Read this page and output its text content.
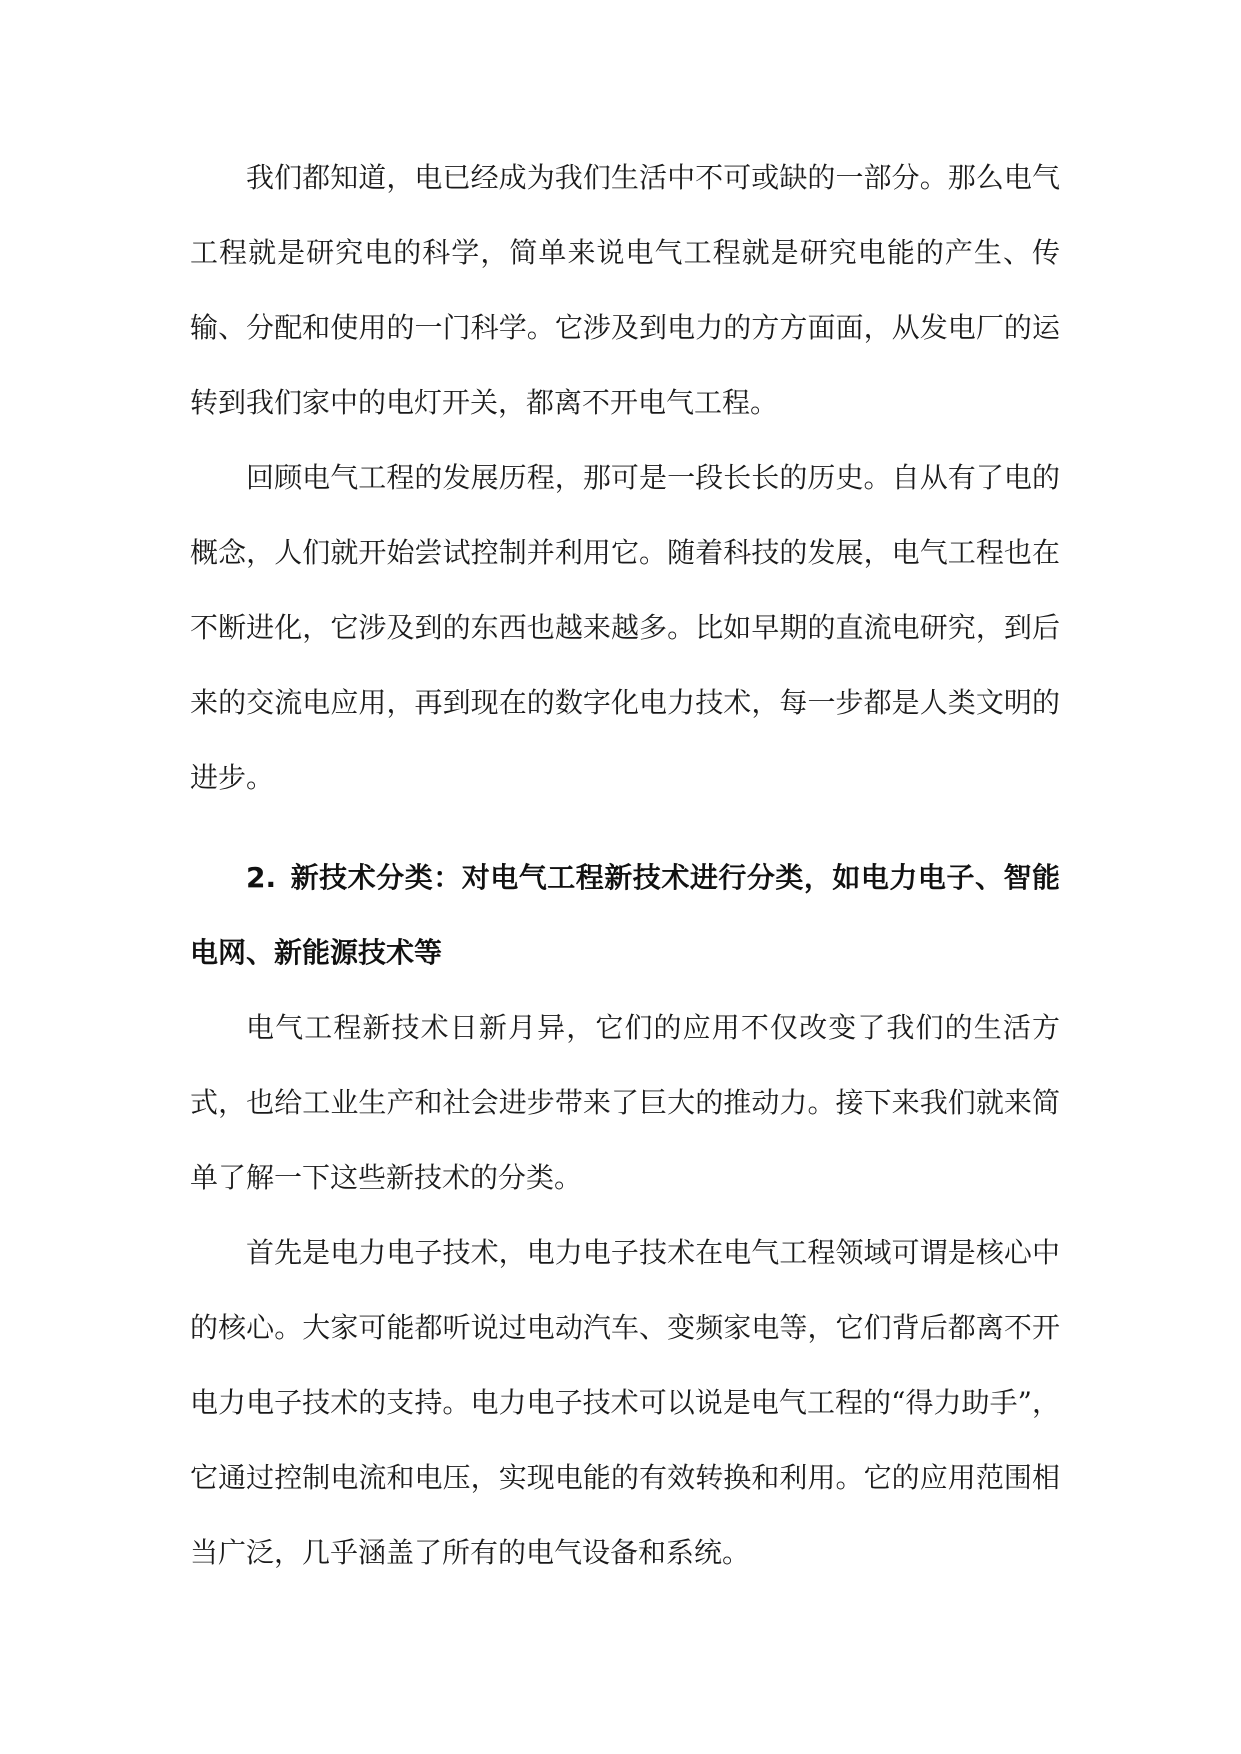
我们都知道，电已经成为我们生活中不可或缺的一部分。那么电气工程就是研究电的科学，简单来说电气工程就是研究电能的产生、传输、分配和使用的一门科学。它涉及到电力的方方面面，从发电厂的运转到我们家中的电灯开关，都离不开电气工程。

回顾电气工程的发展历程，那可是一段长长的历史。自从有了电的概念，人们就开始尝试控制并利用它。随着科技的发展，电气工程也在不断进化，它涉及到的东西也越来越多。比如早期的直流电研究，到后来的交流电应用，再到现在的数字化电力技术，每一步都是人类文明的进步。

2. 新技术分类：对电气工程新技术进行分类，如电力电子、智能电网、新能源技术等

电气工程新技术日新月异，它们的应用不仅改变了我们的生活方式，也给工业生产和社会进步带来了巨大的推动力。接下来我们就来简单了解一下这些新技术的分类。

首先是电力电子技术，电力电子技术在电气工程领域可谓是核心中的核心。大家可能都听说过电动汽车、变频家电等，它们背后都离不开电力电子技术的支持。电力电子技术可以说是电气工程的“得力助手”，它通过控制电流和电压，实现电能的有效转换和利用。它的应用范围相当广泛，几乎涵盖了所有的电气设备和系统。
